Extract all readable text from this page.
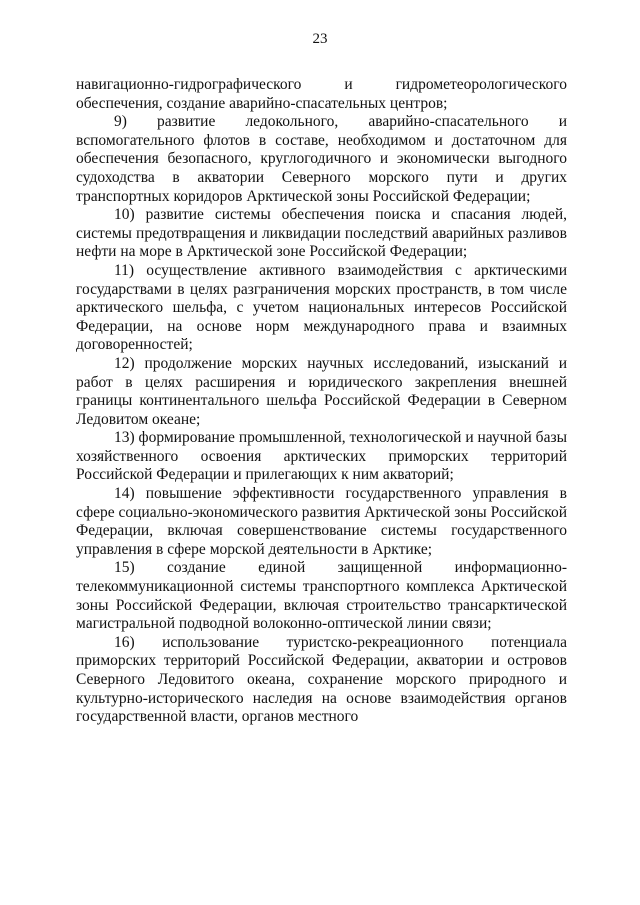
23

навигационно-гидрографического и гидрометеорологического обеспечения, создание аварийно-спасательных центров;

9) развитие ледокольного, аварийно-спасательного и вспомогательного флотов в составе, необходимом и достаточном для обеспечения безопасного, круглогодичного и экономически выгодного судоходства в акватории Северного морского пути и других транспортных коридоров Арктической зоны Российской Федерации;

10) развитие системы обеспечения поиска и спасания людей, системы предотвращения и ликвидации последствий аварийных разливов нефти на море в Арктической зоне Российской Федерации;

11) осуществление активного взаимодействия с арктическими государствами в целях разграничения морских пространств, в том числе арктического шельфа, с учетом национальных интересов Российской Федерации, на основе норм международного права и взаимных договоренностей;

12) продолжение морских научных исследований, изысканий и работ в целях расширения и юридического закрепления внешней границы континентального шельфа Российской Федерации в Северном Ледовитом океане;

13) формирование промышленной, технологической и научной базы хозяйственного освоения арктических приморских территорий Российской Федерации и прилегающих к ним акваторий;

14) повышение эффективности государственного управления в сфере социально-экономического развития Арктической зоны Российской Федерации, включая совершенствование системы государственного управления в сфере морской деятельности в Арктике;

15) создание единой защищенной информационно-телекоммуникационной системы транспортного комплекса Арктической зоны Российской Федерации, включая строительство трансарктической магистральной подводной волоконно-оптической линии связи;

16) использование туристско-рекреационного потенциала приморских территорий Российской Федерации, акватории и островов Северного Ледовитого океана, сохранение морского природного и культурно-исторического наследия на основе взаимодействия органов государственной власти, органов местного
